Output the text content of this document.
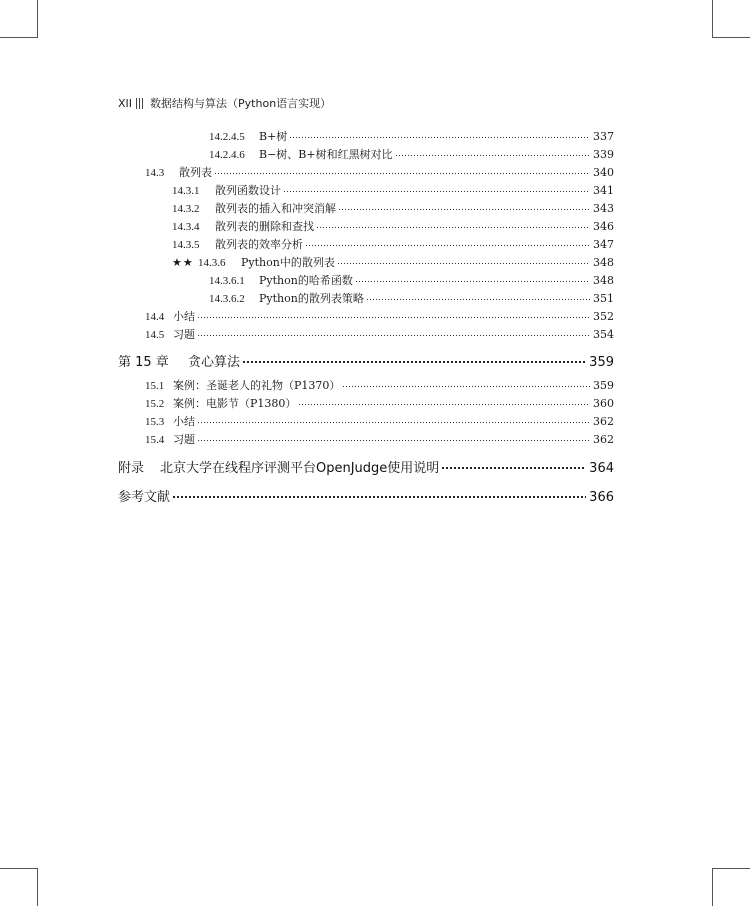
XII 数据结构与算法（Python语言实现）
14.2.4.5	B+树	337
14.2.4.6	B−树、B+树和红黑树对比	339
14.3	散列表	340
14.3.1	散列函数设计	341
14.3.2	散列表的插入和冲突消解	343
14.3.4	散列表的删除和查找	346
14.3.5	散列表的效率分析	347
★★ 14.3.6	Python中的散列表	348
14.3.6.1	Python的哈希函数	348
14.3.6.2	Python的散列表策略	351
14.4 小结	352
14.5 习题	354
第 15 章	贪心算法	359
15.1 案例：圣诞老人的礼物（P1370）	359
15.2 案例：电影节（P1380）	360
15.3 小结	362
15.4 习题	362
附录	北京大学在线程序评测平台OpenJudge使用说明	364
参考文献	366
